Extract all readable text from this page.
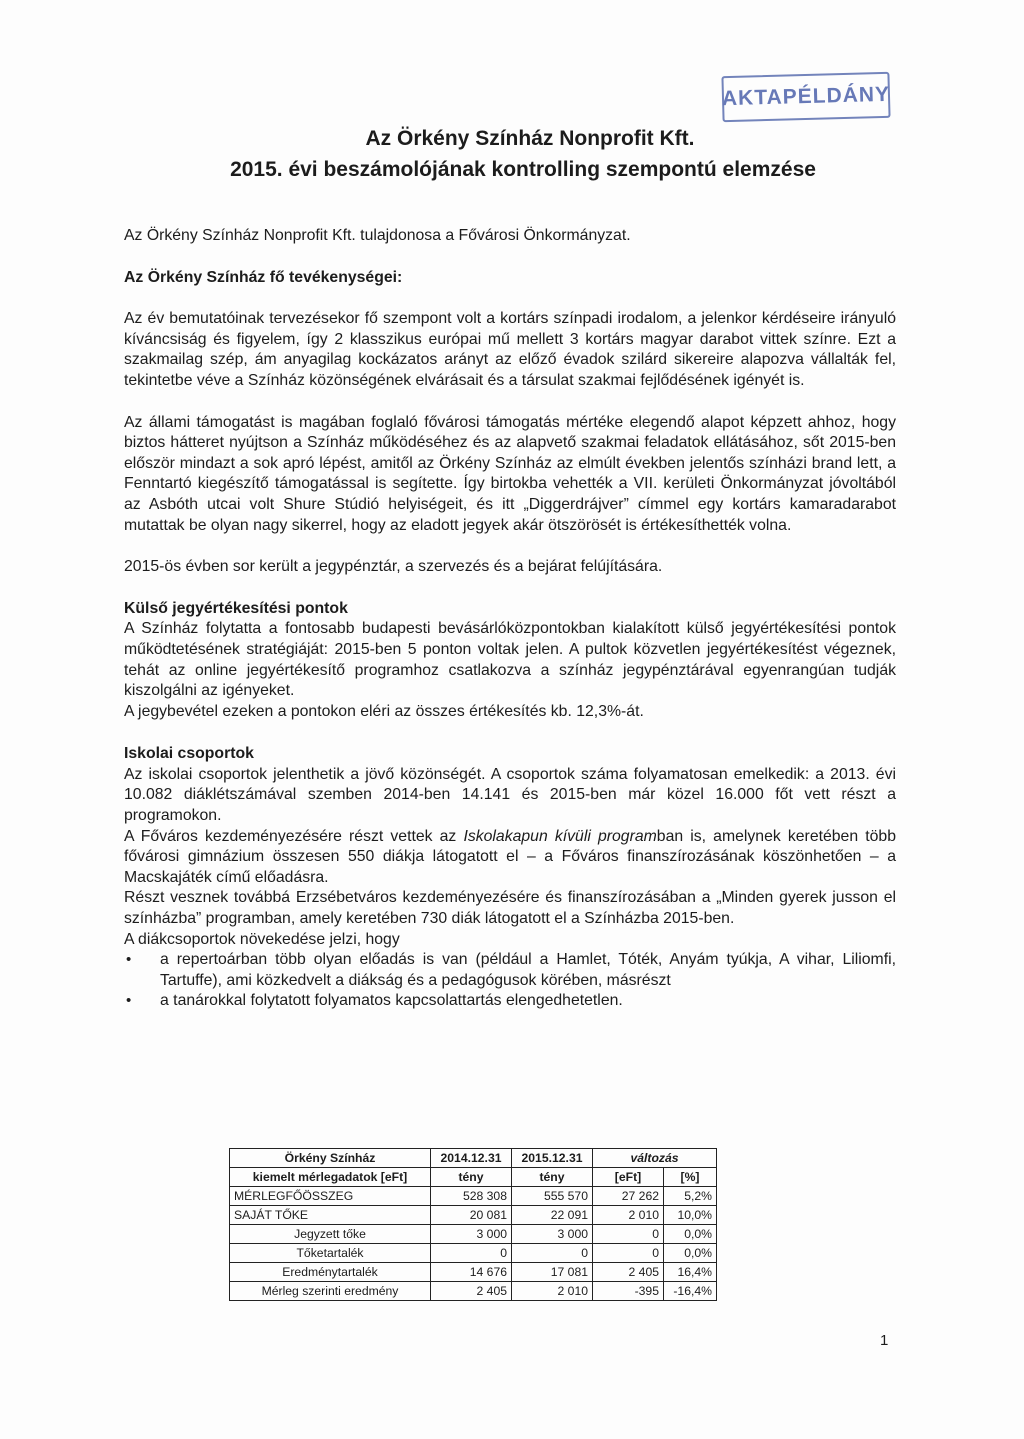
AKTAPÉLDÁNY
Az Örkény Színház Nonprofit Kft.
2015. évi beszámolójának kontrolling szempontú elemzése

Az Örkény Színház Nonprofit Kft. tulajdonosa a Fővárosi Önkormányzat.

Az Örkény Színház fő tevékenységei:

Az év bemutatóinak tervezésekor fő szempont volt a kortárs színpadi irodalom, a jelenkor kérdéseire irányuló kíváncsiság és figyelem, így 2 klasszikus európai mű mellett 3 kortárs magyar darabot vittek színre. Ezt a szakmailag szép, ám anyagilag kockázatos arányt az előző évadok szilárd sikereire alapozva vállalták fel, tekintetbe véve a Színház közönségének elvárásait és a társulat szakmai fejlődésének igényét is.

Az állami támogatást is magában foglaló fővárosi támogatás mértéke elegendő alapot képzett ahhoz, hogy biztos hátteret nyújtson a Színház működéséhez és az alapvető szakmai feladatok ellátásához, sőt 2015-ben először mindazt a sok apró lépést, amitől az Örkény Színház az elmúlt években jelentős színházi brand lett, a Fenntartó kiegészítő támogatással is segítette. Így birtokba vehették a VII. kerületi Önkormányzat jóvoltából az Asbóth utcai volt Shure Stúdió helyiségeit, és itt „Diggerdrájver” címmel egy kortárs kamaradarabot mutattak be olyan nagy sikerrel, hogy az eladott jegyek akár ötszörösét is értékesíthették volna.

2015-ös évben sor került a jegypénztár, a szervezés és a bejárat felújítására.

Külső jegyértékesítési pontok

A Színház folytatta a fontosabb budapesti bevásárlóközpontokban kialakított külső jegyértékesítési pontok működtetésének stratégiáját: 2015-ben 5 ponton voltak jelen. A pultok közvetlen jegyértékesítést végeznek, tehát az online jegyértékesítő programhoz csatlakozva a színház jegypénztárával egyenrangúan tudják kiszolgálni az igényeket.

A jegybevétel ezeken a pontokon eléri az összes értékesítés kb. 12,3%-át.

Iskolai csoportok

Az iskolai csoportok jelenthetik a jövő közönségét. A csoportok száma folyamatosan emelkedik: a 2013. évi 10.082 diáklétszámával szemben 2014-ben 14.141 és 2015-ben már közel 16.000 főt vett részt a programokon.

A Főváros kezdeményezésére részt vettek az Iskolakapun kívüli programban is, amelynek keretében több fővárosi gimnázium összesen 550 diákja látogatott el – a Főváros finanszírozásának köszönhetően – a Macskajáték című előadásra.

Részt vesznek továbbá Erzsébetváros kezdeményezésére és finanszírozásában a „Minden gyerek jusson el színházba” programban, amely keretében 730 diák látogatott el a Színházba 2015-ben.

A diákcsoportok növekedése jelzi, hogy

• a repertoárban több olyan előadás is van (például a Hamlet, Tóték, Anyám tyúkja, A vihar, Liliomfi, Tartuffe), ami közkedvelt a diákság és a pedagógusok körében, másrészt
• a tanárokkal folytatott folyamatos kapcsolattartás elengedhetetlen.
Örkény Színház	2014.12.31	2015.12.31	változás	
kiemelt mérlegadatok [eFt]	tény	tény	[eFt]	[%]
MÉRLEGFŐÖSSZEG	528 308	555 570	27 262	5,2%
SAJÁT TŐKE	20 081	22 091	2 010	10,0%
Jegyzett tőke	3 000	3 000	0	0,0%
Tőketartalék	0	0	0	0,0%
Eredménytartalék	14 676	17 081	2 405	16,4%
Mérleg szerinti eredmény	2 405	2 010	-395	-16,4%
1
